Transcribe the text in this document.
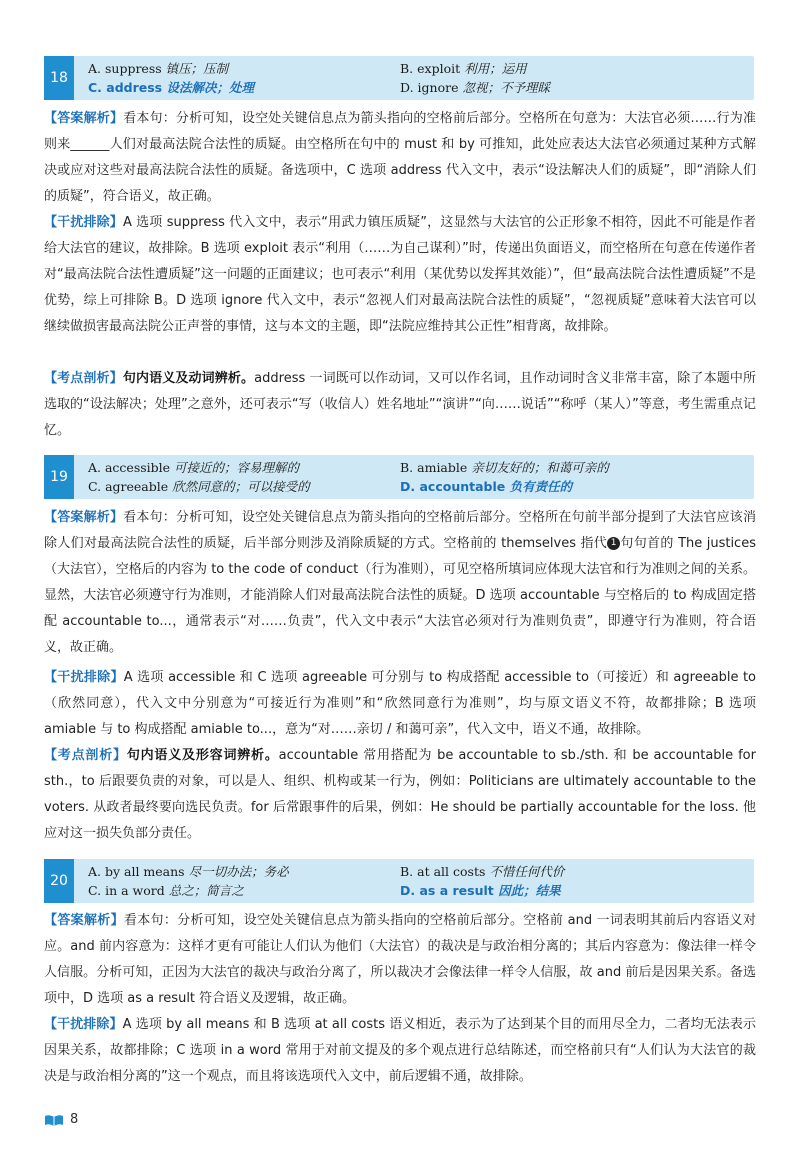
18
A. suppress 镇压；压制
C. address 设法解决；处理
B. exploit 利用；运用
D. ignore 忽视；不予理睬
【答案解析】看本句：分析可知，设空处关键信息点为箭头指向的空格前后部分。空格所在句意为：大法官必须……行为准则来______人们对最高法院合法性的质疑。由空格所在句中的 must 和 by 可推知，此处应表达大法官必须通过某种方式解决或应对这些对最高法院合法性的质疑。备选项中，C 选项 address 代入文中，表示“设法解决人们的质疑”，即“消除人们的质疑”，符合语义，故正确。
【干扰排除】A 选项 suppress 代入文中，表示“用武力镇压质疑”，这显然与大法官的公正形象不相符，因此不可能是作者给大法官的建议，故排除。B 选项 exploit 表示“利用（……为自己谋利）”时，传递出负面语义，而空格所在句意在传递作者对“最高法院合法性遭质疑”这一问题的正面建议；也可表示“利用（某优势以发挥其效能）”，但“最高法院合法性遭质疑”不是优势，综上可排除 B。D 选项 ignore 代入文中，表示“忽视人们对最高法院合法性的质疑”，“忽视质疑”意味着大法官可以继续做损害最高法院公正声誉的事情，这与本文的主题，即“法院应维持其公正性”相背离，故排除。
【考点剖析】句内语义及动词辨析。address 一词既可以作动词，又可以作名词，且作动词时含义非常丰富，除了本题中所选取的“设法解决；处理”之意外，还可表示“写（收信人）姓名地址”“演讲”“向……说话”“称呼（某人）”等意，考生需重点记忆。
19
A. accessible 可接近的；容易理解的
C. agreeable 欣然同意的；可以接受的
B. amiable 亲切友好的；和蔼可亲的
D. accountable 负有责任的
【答案解析】看本句：分析可知，设空处关键信息点为箭头指向的空格前后部分。空格所在句前半部分提到了大法官应该消除人们对最高法院合法性的质疑，后半部分则涉及消除质疑的方式。空格前的 themselves 指代 1 句句首的 The justices（大法官），空格后的内容为 to the code of conduct（行为准则），可见空格所填词应体现大法官和行为准则之间的关系。显然，大法官必须遵守行为准则，才能消除人们对最高法院合法性的质疑。D 选项 accountable 与空格后的 to 构成固定搭配 accountable to...，通常表示“对……负责”，代入文中表示“大法官必须对行为准则负责”，即遵守行为准则，符合语义，故正确。
【干扰排除】A 选项 accessible 和 C 选项 agreeable 可分别与 to 构成搭配 accessible to（可接近）和 agreeable to（欣然同意），代入文中分别意为“可接近行为准则”和“欣然同意行为准则”，均与原文语义不符，故都排除；B 选项 amiable 与 to 构成搭配 amiable to...，意为“对……亲切 / 和蔼可亲”，代入文中，语义不通，故排除。
【考点剖析】句内语义及形容词辨析。accountable 常用搭配为 be accountable to sb./sth. 和 be accountable for sth.，to 后跟要负责的对象，可以是人、组织、机构或某一行为，例如：Politicians are ultimately accountable to the voters. 从政者最终要向选民负责。for 后常跟事件的后果，例如：He should be partially accountable for the loss. 他应对这一损失负部分责任。
20
A. by all means 尽一切办法；务必
C. in a word 总之；简言之
B. at all costs 不惜任何代价
D. as a result 因此；结果
【答案解析】看本句：分析可知，设空处关键信息点为箭头指向的空格前后部分。空格前 and 一词表明其前后内容语义对应。and 前内容意为：这样才更有可能让人们认为他们（大法官）的裁决是与政治相分离的；其后内容意为：像法律一样令人信服。分析可知，正因为大法官的裁决与政治分离了，所以裁决才会像法律一样令人信服，故 and 前后是因果关系。备选项中，D 选项 as a result 符合语义及逻辑，故正确。
【干扰排除】A 选项 by all means 和 B 选项 at all costs 语义相近，表示为了达到某个目的而用尽全力，二者均无法表示因果关系，故都排除；C 选项 in a word 常用于对前文提及的多个观点进行总结陈述，而空格前只有“人们认为大法官的裁决是与政治相分离的”这一个观点，而且将该选项代入文中，前后逻辑不通，故排除。
8
